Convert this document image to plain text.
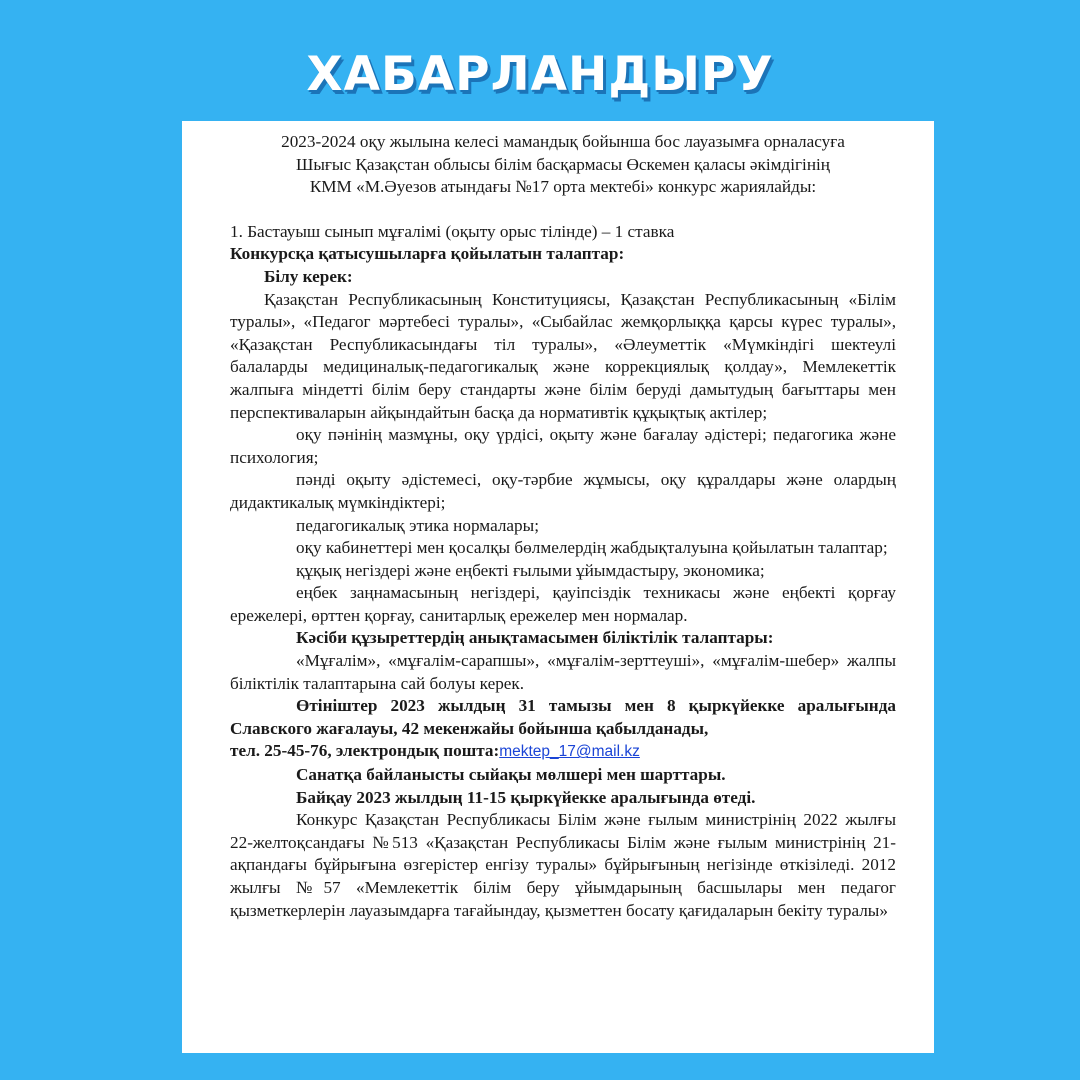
ХАБАРЛАНДЫРУ

2023-2024 оқу жылына келесі мамандық бойынша бос лауазымға орналасуға

Шығыс Қазақстан облысы білім басқармасы Өскемен қаласы әкімдігінің

КММ «М.Әуезов атындағы №17 орта мектебі» конкурс жариялайды:

1. Бастауыш сынып мұғалімі (оқыту орыс тілінде) – 1 ставка

Конкурсқа қатысушыларға қойылатын талаптар:

Білу керек:

Қазақстан Республикасының Конституциясы, Қазақстан Республикасының «Білім туралы», «Педагог мәртебесі туралы», «Сыбайлас жемқорлыққа қарсы күрес туралы», «Қазақстан Республикасындағы тіл туралы», «Әлеуметтік «Мүмкіндігі шектеулі балаларды медициналық-педагогикалық және коррекциялық қолдау», Мемлекеттік жалпыға міндетті білім беру стандарты және білім беруді дамытудың бағыттары мен перспективаларын айқындайтын басқа да нормативтік құқықтық актілер;

оқу пәнінің мазмұны, оқу үрдісі, оқыту және бағалау әдістері; педагогика және психология;

пәнді оқыту әдістемесі, оқу-тәрбие жұмысы, оқу құралдары және олардың дидактикалық мүмкіндіктері;

педагогикалық этика нормалары;

оқу кабинеттері мен қосалқы бөлмелердің жабдықталуына қойылатын талаптар;

құқық негіздері және еңбекті ғылыми ұйымдастыру, экономика;

еңбек заңнамасының негіздері, қауіпсіздік техникасы және еңбекті қорғау ережелері, өрттен қорғау, санитарлық ережелер мен нормалар.

Кәсіби құзыреттердің анықтамасымен біліктілік талаптары:

«Мұғалім», «мұғалім-сарапшы», «мұғалім-зерттеуші», «мұғалім-шебер» жалпы біліктілік талаптарына сай болуы керек.

Өтініштер 2023 жылдың 31 тамызы мен 8 қыркүйекке аралығында Славского жағалауы, 42 мекенжайы бойынша қабылданады,

тел. 25-45-76, электрондық пошта:mektep_17@mail.kz

Санатқа байланысты сыйақы мөлшері мен шарттары.

Байқау 2023 жылдың 11-15 қыркүйекке аралығында өтеді.

Конкурс Қазақстан Республикасы Білім және ғылым министрінің 2022 жылғы 22-желтоқсандағы №513 «Қазақстан Республикасы Білім және ғылым министрінің 21-ақпандағы бұйрығына өзгерістер енгізу туралы» бұйрығының негізінде өткізіледі. 2012 жылғы №57 «Мемлекеттік білім беру ұйымдарының басшылары мен педагог қызметкерлерін лауазымдарға тағайындау, қызметтен босату қағидаларын бекіту туралы»
